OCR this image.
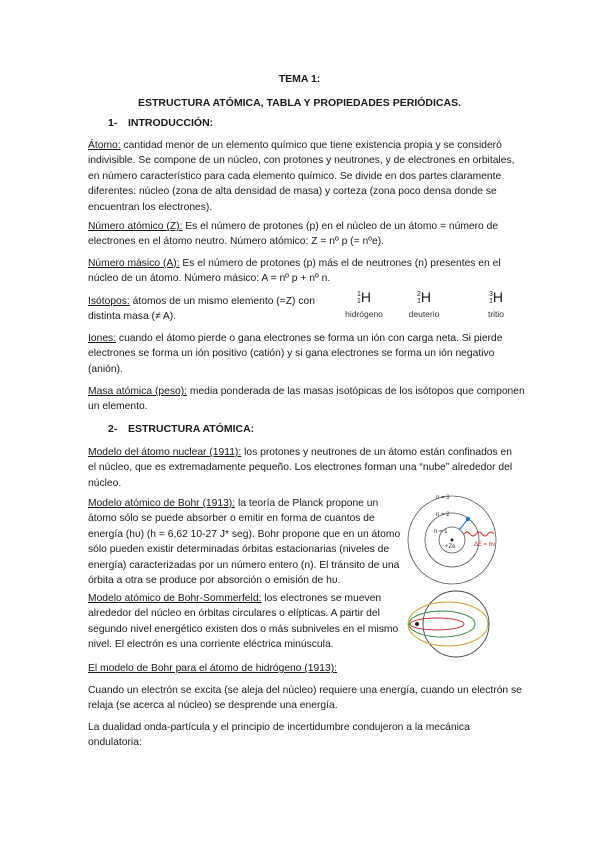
TEMA 1:
ESTRUCTURA ATÓMICA, TABLA Y PROPIEDADES PERIÓDICAS.
1- INTRODUCCIÓN:
Átomo: cantidad menor de un elemento químico que tiene existencia propia y se consideró
indivisible. Se compone de un núcleo, con protones y neutrones, y de electrones en orbitales,
en número característico para cada elemento químico. Se divide en dos partes claramente
diferentes: núcleo (zona de alta densidad de masa) y corteza (zona poco densa donde se
encuentran los electrones).
Número atómico (Z): Es el número de protones (p) en el núcleo de un átomo = número de
electrones en el átomo neutro. Número atómico: Z = nº p (= nºe).
Número másico (A): Es el número de protones (p) más el de neutrones (n) presentes en el
núcleo de un átomo. Número másico: A = nº p + nº n.
Isótopos: átomos de un mismo elemento (=Z) con
distinta masa (≠ A).
1
1H
hidrógeno
2
1H
deuterio
3
1H
tritio
Iones: cuando el átomo pierde o gana electrones se forma un ión con carga neta. Si pierde
electrones se forma un ión positivo (catión) y si gana electrones se forma un ión negativo
(anión).
Masa atómica (peso): media ponderada de las masas isotópicas de los isótopos que componen
un elemento.
2- ESTRUCTURA ATÓMICA:
Modelo del átomo nuclear (1911): los protones y neutrones de un átomo están confinados en
el núcleo, que es extremadamente pequeño. Los electrones forman una “nube” alrededor del
núcleo.
Modelo atómico de Bohr (1913): la teoría de Planck propone un
átomo sólo se puede absorber o emitir en forma de cuantos de
energía (hυ) (h = 6,62 10-27 J* seg). Bohr propone que en un átomo
sólo pueden existir determinadas órbitas estacionarias (niveles de
energía) caracterizadas por un número entero (n). El tránsito de una
órbita a otra se produce por absorción o emisión de hυ.
n = 3
n = 2
n = 1
+Ze	ΔE = hν
Modelo atómico de Bohr-Sommerfeld: los electrones se mueven
alrededor del núcleo en órbitas circulares o elípticas. A partir del
segundo nivel energético existen dos o más subniveles en el mismo
nivel. El electrón es una corriente eléctrica minúscula.
El modelo de Bohr para el átomo de hidrógeno (1913):
Cuando un electrón se excita (se aleja del núcleo) requiere una energía, cuando un electrón se
relaja (se acerca al núcleo) se desprende una energía.
La dualidad onda-partícula y el principio de incertidumbre condujeron a la mecánica
ondulatoria:
